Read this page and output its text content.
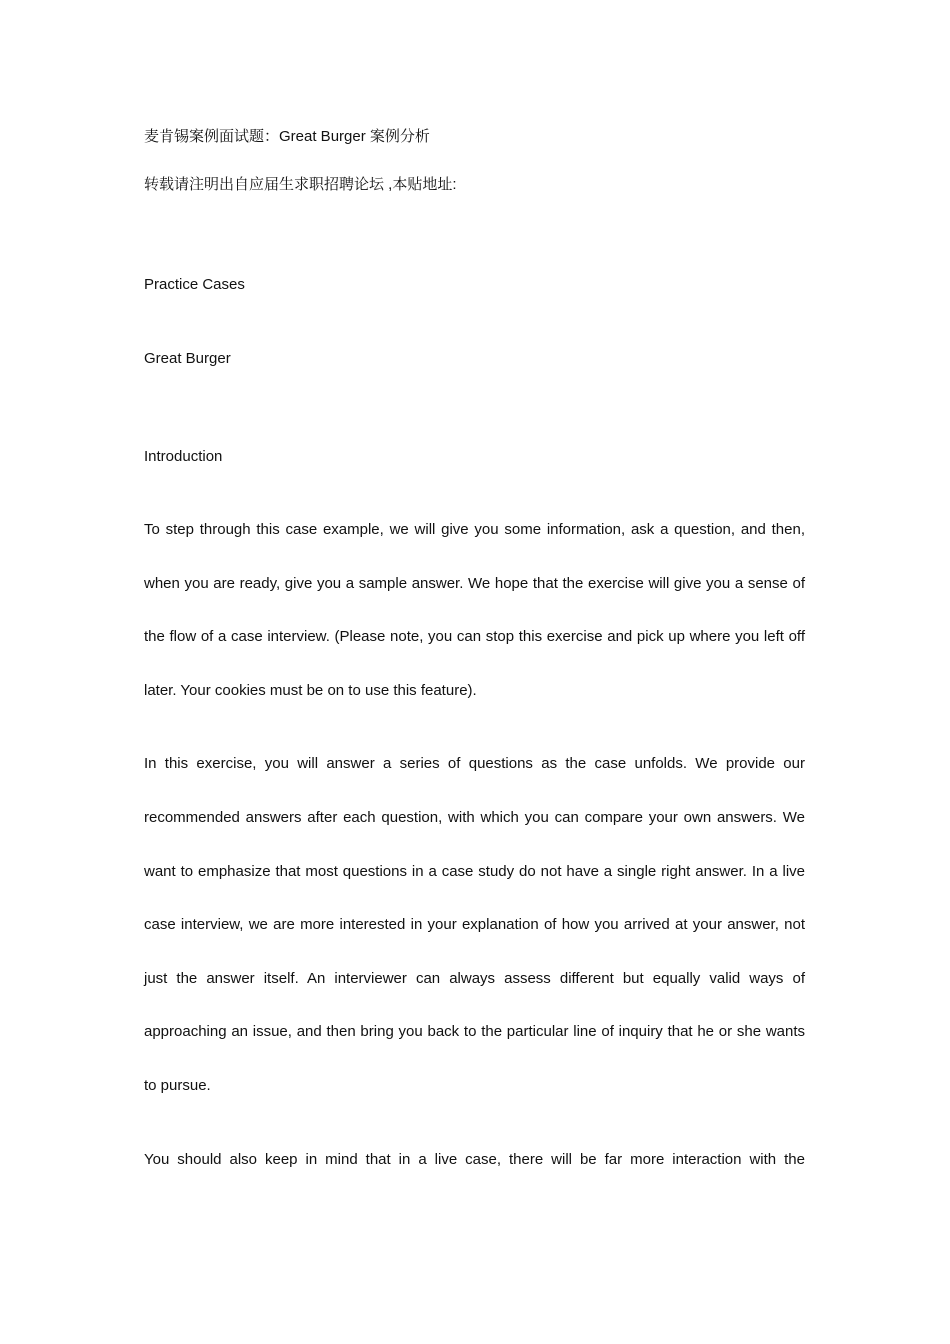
麦肯锡案例面试题：Great Burger 案例分析

转载请注明出自应届生求职招聘论坛 ,本贴地址:

Practice Cases

Great Burger

Introduction

To step through this case example, we will give you some information, ask a question, and then, when you are ready, give you a sample answer. We hope that the exercise will give you a sense of the flow of a case interview. (Please note, you can stop this exercise and pick up where you left off later. Your cookies must be on to use this feature).

In this exercise, you will answer a series of questions as the case unfolds. We provide our recommended answers after each question, with which you can compare your own answers. We want to emphasize that most questions in a case study do not have a single right answer. In a live case interview, we are more interested in your explanation of how you arrived at your answer, not just the answer itself. An interviewer can always assess different but equally valid ways of approaching an issue, and then bring you back to the particular line of inquiry that he or she wants to pursue.

You should also keep in mind that in a live case, there will be far more interaction with the
